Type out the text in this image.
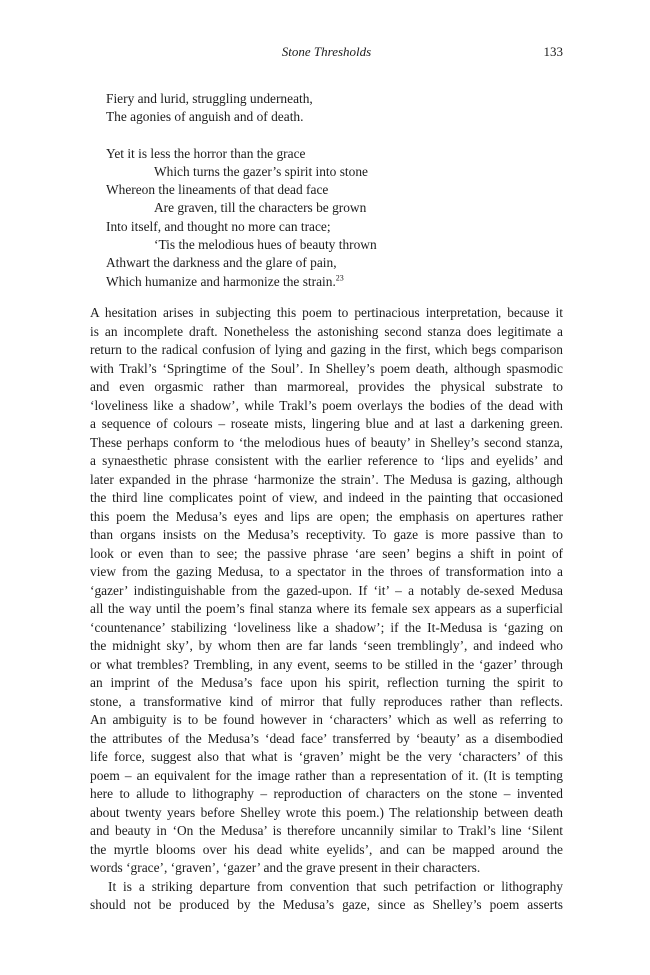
Stone Thresholds	133
Fiery and lurid, struggling underneath,
The agonies of anguish and of death.
Yet it is less the horror than the grace
Which turns the gazer’s spirit into stone
Whereon the lineaments of that dead face
Are graven, till the characters be grown
Into itself, and thought no more can trace;
‘Tis the melodious hues of beauty thrown
Athwart the darkness and the glare of pain,
Which humanize and harmonize the strain.$^{23}$
A hesitation arises in subjecting this poem to pertinacious interpretation, because it
is an incomplete draft. Nonetheless the astonishing second stanza does legitimate a
return to the radical confusion of lying and gazing in the first, which begs comparison
with Trakl’s ‘Springtime of the Soul’. In Shelley’s poem death, although spasmodic
and even orgasmic rather than marmoreal, provides the physical substrate to
‘loveliness like a shadow’, while Trakl’s poem overlays the bodies of the dead with
a sequence of colours – roseate mists, lingering blue and at last a darkening green.
These perhaps conform to ‘the melodious hues of beauty’ in Shelley’s second stanza,
a synaesthetic phrase consistent with the earlier reference to ‘lips and eyelids’ and
later expanded in the phrase ‘harmonize the strain’. The Medusa is gazing, although
the third line complicates point of view, and indeed in the painting that occasioned
this poem the Medusa’s eyes and lips are open; the emphasis on apertures rather
than organs insists on the Medusa’s receptivity. To gaze is more passive than to
look or even than to see; the passive phrase ‘are seen’ begins a shift in point of
view from the gazing Medusa, to a spectator in the throes of transformation into a
‘gazer’ indistinguishable from the gazed-upon. If ‘it’ – a notably de-sexed Medusa
all the way until the poem’s final stanza where its female sex appears as a superficial
‘countenance’ stabilizing ‘loveliness like a shadow’; if the It-Medusa is ‘gazing on
the midnight sky’, by whom then are far lands ‘seen tremblingly’, and indeed who
or what trembles? Trembling, in any event, seems to be stilled in the ‘gazer’ through
an imprint of the Medusa’s face upon his spirit, reflection turning the spirit to
stone, a transformative kind of mirror that fully reproduces rather than reflects.
An ambiguity is to be found however in ‘characters’ which as well as referring to
the attributes of the Medusa’s ‘dead face’ transferred by ‘beauty’ as a disembodied
life force, suggest also that what is ‘graven’ might be the very ‘characters’ of this
poem – an equivalent for the image rather than a representation of it. (It is tempting
here to allude to lithography – reproduction of characters on the stone – invented
about twenty years before Shelley wrote this poem.) The relationship between death
and beauty in ‘On the Medusa’ is therefore uncannily similar to Trakl’s line ‘Silent
the myrtle blooms over his dead white eyelids’, and can be mapped around the
words ‘grace’, ‘graven’, ‘gazer’ and the grave present in their characters.
It is a striking departure from convention that such petrifaction or lithography
should not be produced by the Medusa’s gaze, since as Shelley’s poem asserts
